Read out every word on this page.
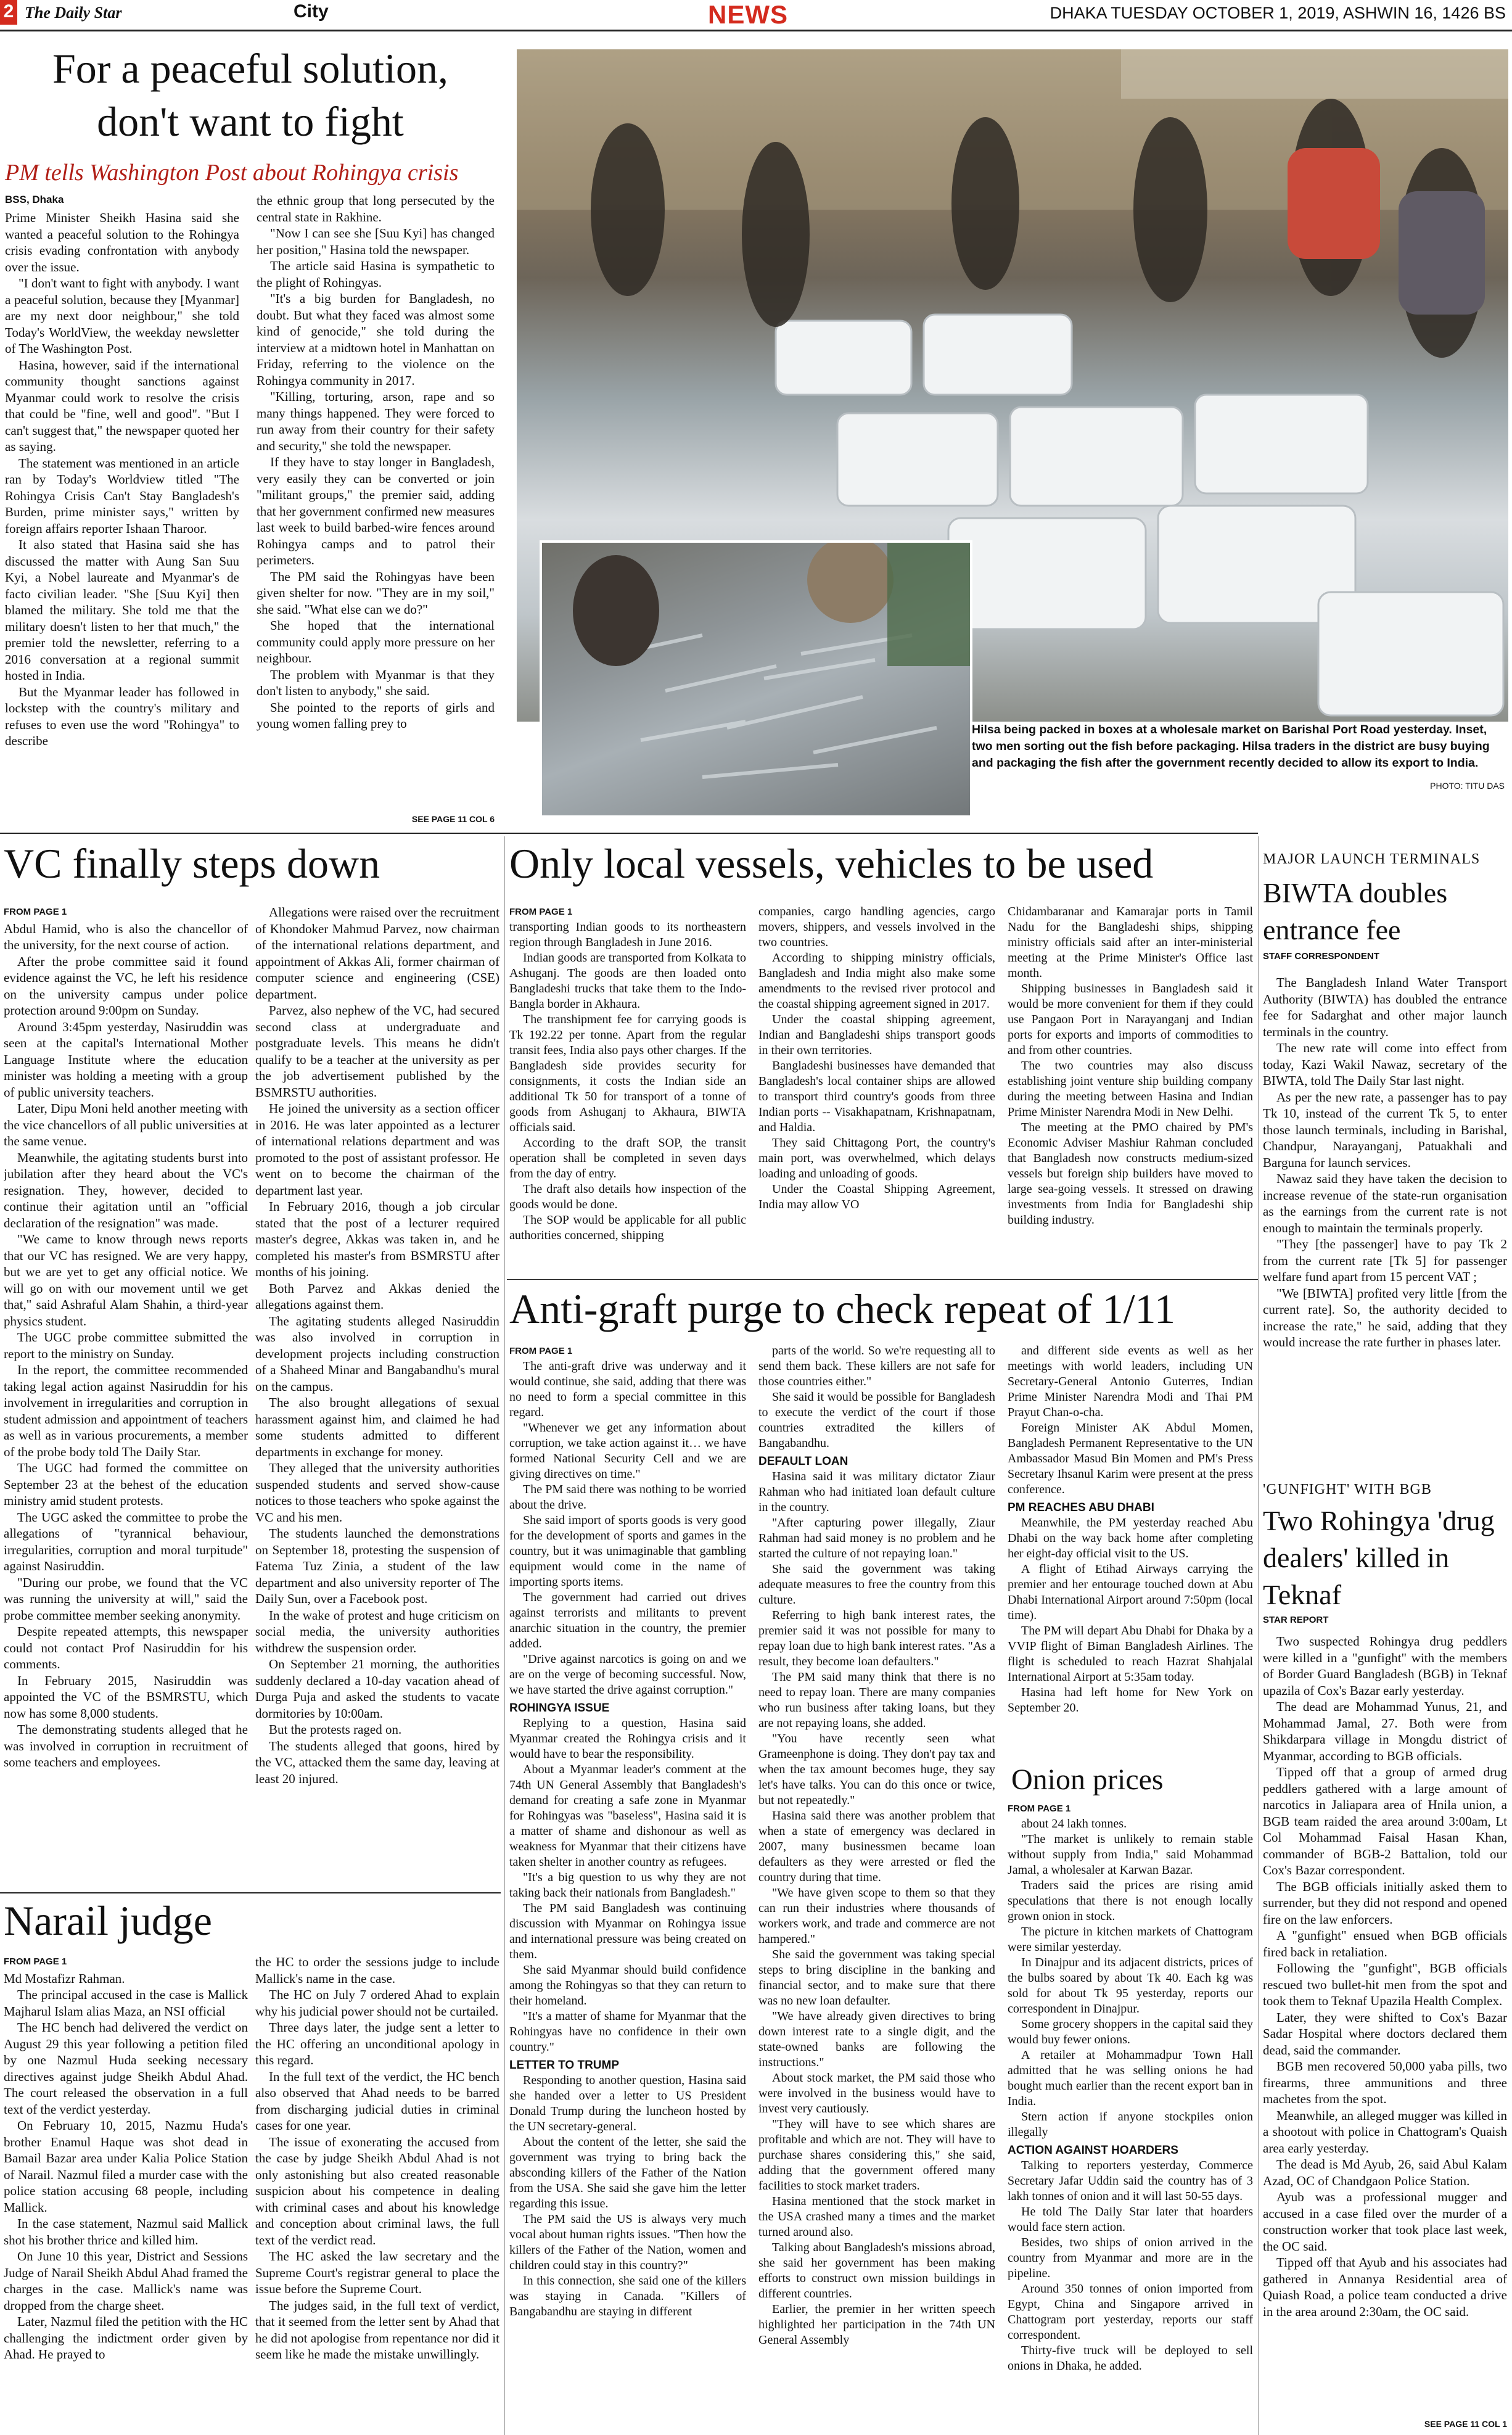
2 The Daily Star	City	NEWS	DHAKA TUESDAY OCTOBER 1, 2019, ASHWIN 16, 1426 BS
For a peaceful solution,
don't want to fight
PM tells Washington Post about Rohingya crisis
BSS, Dhaka

Prime Minister Sheikh Hasina said she wanted a peaceful solution to the Rohingya crisis evading confrontation with anybody over the issue.

"I don't want to fight with anybody. I want a peaceful solution, because they [Myanmar] are my next door neighbour," she told Today's WorldView, the weekday newsletter of The Washington Post.

Hasina, however, said if the international community thought sanctions against Myanmar could work to resolve the crisis that could be "fine, well and good". "But I can't suggest that," the newspaper quoted her as saying.

The statement was mentioned in an article ran by Today's Worldview titled "The Rohingya Crisis Can't Stay Bangladesh's Burden, prime minister says," written by foreign affairs reporter Ishaan Tharoor.

It also stated that Hasina said she has discussed the matter with Aung San Suu Kyi, a Nobel laureate and Myanmar's de facto civilian leader. "She [Suu Kyi] then blamed the military. She told me that the military doesn't listen to her that much," the premier told the newsletter, referring to a 2016 conversation at a regional summit hosted in India.

But the Myanmar leader has followed in lockstep with the country's military and refuses to even use the word "Rohingya" to describe

the ethnic group that long persecuted by the central state in Rakhine.

"Now I can see she [Suu Kyi] has changed her position," Hasina told the newspaper.

The article said Hasina is sympathetic to the plight of Rohingyas.

"It's a big burden for Bangladesh, no doubt. But what they faced was almost some kind of genocide," she told during the interview at a midtown hotel in Manhattan on Friday, referring to the violence on the Rohingya community in 2017.

"Killing, torturing, arson, rape and so many things happened. They were forced to run away from their country for their safety and security," she told the newspaper.

If they have to stay longer in Bangladesh, very easily they can be converted or join "militant groups," the premier said, adding that her government confirmed new measures last week to build barbed-wire fences around Rohingya camps and to patrol their perimeters.

The PM said the Rohingyas have been given shelter for now. "They are in my soil," she said. "What else can we do?"

She hoped that the international community could apply more pressure on her neighbour.

The problem with Myanmar is that they don't listen to anybody," she said.

She pointed to the reports of girls and young women falling prey to

SEE PAGE 11 COL 6
Hilsa being packed in boxes at a wholesale market on Barishal Port Road yesterday. Inset, two men sorting out the fish before packaging. Hilsa traders in the district are busy buying and packaging the fish after the government recently decided to allow its export to India.
PHOTO: TITU DAS
VC finally steps down

FROM PAGE 1

Abdul Hamid, who is also the chancellor of the university, for the next course of action.

After the probe committee said it found evidence against the VC, he left his residence on the university campus under police protection around 9:00pm on Sunday.

Around 3:45pm yesterday, Nasiruddin was seen at the capital's International Mother Language Institute where the education minister was holding a meeting with a group of public university teachers.

Later, Dipu Moni held another meeting with the vice chancellors of all public universities at the same venue.

Meanwhile, the agitating students burst into jubilation after they heard about the VC's resignation. They, however, decided to continue their agitation until an "official declaration of the resignation" was made.

"We came to know through news reports that our VC has resigned. We are very happy, but we are yet to get any official notice. We will go on with our movement until we get that," said Ashraful Alam Shahin, a third-year physics student.

The UGC probe committee submitted the report to the ministry on Sunday.

In the report, the committee recommended taking legal action against Nasiruddin for his involvement in irregularities and corruption in student admission and appointment of teachers as well as in various procurements, a member of the probe body told The Daily Star.

The UGC had formed the committee on September 23 at the behest of the education ministry amid student protests.

The UGC asked the committee to probe the allegations of "tyrannical behaviour, irregularities, corruption and moral turpitude" against Nasiruddin.

"During our probe, we found that the VC was running the university at will," said the probe committee member seeking anonymity.

Despite repeated attempts, this newspaper could not contact Prof Nasiruddin for his comments.

In February 2015, Nasiruddin was appointed the VC of the BSMRSTU, which now has some 8,000 students.

The demonstrating students alleged that he was involved in corruption in recruitment of some teachers and employees.

Allegations were raised over the recruitment of Khondoker Mahmud Parvez, now chairman of the international relations department, and appointment of Akkas Ali, former chairman of computer science and engineering (CSE) department.

Parvez, also nephew of the VC, had secured second class at undergraduate and postgraduate levels. This means he didn't qualify to be a teacher at the university as per the job advertisement published by the BSMRSTU authorities.

He joined the university as a section officer in 2016. He was later appointed as a lecturer of international relations department and was promoted to the post of assistant professor. He went on to become the chairman of the department last year.

In February 2016, though a job circular stated that the post of a lecturer required master's degree, Akkas was taken in, and he completed his master's from BSMRSTU after months of his joining.

Both Parvez and Akkas denied the allegations against them.

The agitating students alleged Nasiruddin was also involved in corruption in development projects including construction of a Shaheed Minar and Bangabandhu's mural on the campus.

The also brought allegations of sexual harassment against him, and claimed he had some students admitted to different departments in exchange for money.

They alleged that the university authorities suspended students and served show-cause notices to those teachers who spoke against the VC and his men.

The students launched the demonstrations on September 18, protesting the suspension of Fatema Tuz Zinia, a student of the law department and also university reporter of The Daily Sun, over a Facebook post.

In the wake of protest and huge criticism on social media, the university authorities withdrew the suspension order.

On September 21 morning, the authorities suddenly declared a 10-day vacation ahead of Durga Puja and asked the students to vacate dormitories by 10:00am.

But the protests raged on.

The students alleged that goons, hired by the VC, attacked them the same day, leaving at least 20 injured.

Narail judge

FROM PAGE 1

Md Mostafizr Rahman.

The principal accused in the case is Mallick Majharul Islam alias Maza, an NSI official

The HC bench had delivered the verdict on August 29 this year following a petition filed by one Nazmul Huda seeking necessary directives against judge Sheikh Abdul Ahad. The court released the observation in a full text of the verdict yesterday.

On February 10, 2015, Nazmu Huda's brother Enamul Haque was shot dead in Bamail Bazar area under Kalia Police Station of Narail. Nazmul filed a murder case with the police station accusing 68 people, including Mallick.

In the case statement, Nazmul said Mallick shot his brother thrice and killed him.

On June 10 this year, District and Sessions Judge of Narail Sheikh Abdul Ahad framed the charges in the case. Mallick's name was dropped from the charge sheet.

Later, Nazmul filed the petition with the HC challenging the indictment order given by Ahad. He prayed to

the HC to order the sessions judge to include Mallick's name in the case.

The HC on July 7 ordered Ahad to explain why his judicial power should not be curtailed.

Three days later, the judge sent a letter to the HC offering an unconditional apology in this regard.

In the full text of the verdict, the HC bench also observed that Ahad needs to be barred from discharging judicial duties in criminal cases for one year.

The issue of exonerating the accused from the case by judge Sheikh Abdul Ahad is not only astonishing but also created reasonable suspicion about his competence in dealing with criminal cases and about his knowledge and conception about criminal laws, the full text of the verdict read.

The HC asked the law secretary and the Supreme Court's registrar general to place the issue before the Supreme Court.

The judges said, in the full text of verdict, that it seemed from the letter sent by Ahad that he did not apologise from repentance nor did it seem like he made the mistake unwillingly.

Only local vessels, vehicles to be used

FROM PAGE 1

transporting Indian goods to its northeastern region through Bangladesh in June 2016.

Indian goods are transported from Kolkata to Ashuganj. The goods are then loaded onto Bangladeshi trucks that take them to the Indo-Bangla border in Akhaura.

The transhipment fee for carrying goods is Tk 192.22 per tonne. Apart from the regular transit fees, India also pays other charges. If the Bangladesh side provides security for consignments, it costs the Indian side an additional Tk 50 for transport of a tonne of goods from Ashuganj to Akhaura, BIWTA officials said.

According to the draft SOP, the transit operation shall be completed in seven days from the day of entry.

The draft also details how inspection of the goods would be done.

The SOP would be applicable for all public authorities concerned, shipping

companies, cargo handling agencies, cargo movers, shippers, and vessels involved in the two countries.

According to shipping ministry officials, Bangladesh and India might also make some amendments to the revised river protocol and the coastal shipping agreement signed in 2017.

Under the coastal shipping agreement, Indian and Bangladeshi ships transport goods in their own territories.

Bangladeshi businesses have demanded that Bangladesh's local container ships are allowed to transport third country's goods from three Indian ports -- Visakhapatnam, Krishnapatnam, and Haldia.

They said Chittagong Port, the country's main port, was overwhelmed, which delays loading and unloading of goods.

Under the Coastal Shipping Agreement, India may allow VO

Chidambaranar and Kamarajar ports in Tamil Nadu for the Bangladeshi ships, shipping ministry officials said after an inter-ministerial meeting at the Prime Minister's Office last month.

Shipping businesses in Bangladesh said it would be more convenient for them if they could use Pangaon Port in Narayanganj and Indian ports for exports and imports of commodities to and from other countries.

The two countries may also discuss establishing joint venture ship building company during the meeting between Hasina and Indian Prime Minister Narendra Modi in New Delhi.

The meeting at the PMO chaired by PM's Economic Adviser Mashiur Rahman concluded that Bangladesh now constructs medium-sized vessels but foreign ship builders have moved to large sea-going vessels. It stressed on drawing investments from India for Bangladeshi ship building industry.

Anti-graft purge to check repeat of 1/11

FROM PAGE 1

The anti-graft drive was underway and it would continue, she said, adding that there was no need to form a special committee in this regard.

"Whenever we get any information about corruption, we take action against it… we have formed National Security Cell and we are giving directives on time."

The PM said there was nothing to be worried about the drive.

She said import of sports goods is very good for the development of sports and games in the country, but it was unimaginable that gambling equipment would come in the name of importing sports items.

The government had carried out drives against terrorists and militants to prevent anarchic situation in the country, the premier added.

"Drive against narcotics is going on and we are on the verge of becoming successful. Now, we have started the drive against corruption."

ROHINGYA ISSUE

Replying to a question, Hasina said Myanmar created the Rohingya crisis and it would have to bear the responsibility.

About a Myanmar leader's comment at the 74th UN General Assembly that Bangladesh's demand for creating a safe zone in Myanmar for Rohingyas was "baseless", Hasina said it is a matter of shame and dishonour as well as weakness for Myanmar that their citizens have taken shelter in another country as refugees.

"It's a big question to us why they are not taking back their nationals from Bangladesh."

The PM said Bangladesh was continuing discussion with Myanmar on Rohingya issue and international pressure was being created on them.

She said Myanmar should build confidence among the Rohingyas so that they can return to their homeland.

"It's a matter of shame for Myanmar that the Rohingyas have no confidence in their own country."

LETTER TO TRUMP

Responding to another question, Hasina said she handed over a letter to US President Donald Trump during the luncheon hosted by the UN secretary-general.

About the content of the letter, she said the government was trying to bring back the absconding killers of the Father of the Nation from the USA. She said she gave him the letter regarding this issue.

The PM said the US is always very much vocal about human rights issues. "Then how the killers of the Father of the Nation, women and children could stay in this country?"

In this connection, she said one of the killers was staying in Canada. "Killers of Bangabandhu are staying in different

parts of the world. So we're requesting all to send them back. These killers are not safe for those countries either."

She said it would be possible for Bangladesh to execute the verdict of the court if those countries extradited the killers of Bangabandhu.

DEFAULT LOAN

Hasina said it was military dictator Ziaur Rahman who had initiated loan default culture in the country.

"After capturing power illegally, Ziaur Rahman had said money is no problem and he started the culture of not repaying loan."

She said the government was taking adequate measures to free the country from this culture.

Referring to high bank interest rates, the premier said it was not possible for many to repay loan due to high bank interest rates. "As a result, they become loan defaulters."

The PM said many think that there is no need to repay loan. There are many companies who run business after taking loans, but they are not repaying loans, she added.

"You have recently seen what Grameenphone is doing. They don't pay tax and when the tax amount becomes huge, they say let's have talks. You can do this once or twice, but not repeatedly."

Hasina said there was another problem that when a state of emergency was declared in 2007, many businessmen became loan defaulters as they were arrested or fled the country during that time.

"We have given scope to them so that they can run their industries where thousands of workers work, and trade and commerce are not hampered."

She said the government was taking special steps to bring discipline in the banking and financial sector, and to make sure that there was no new loan defaulter.

"We have already given directives to bring down interest rate to a single digit, and the state-owned banks are following the instructions."

About stock market, the PM said those who were involved in the business would have to invest very cautiously.

"They will have to see which shares are profitable and which are not. They will have to purchase shares considering this," she said, adding that the government offered many facilities to stock market traders.

Hasina mentioned that the stock market in the USA crashed many a times and the market turned around also.

Talking about Bangladesh's missions abroad, she said her government has been making efforts to construct own mission buildings in different countries.

Earlier, the premier in her written speech highlighted her participation in the 74th UN General Assembly

and different side events as well as her meetings with world leaders, including UN Secretary-General Antonio Guterres, Indian Prime Minister Narendra Modi and Thai PM Prayut Chan-o-cha.

Foreign Minister AK Abdul Momen, Bangladesh Permanent Representative to the UN Ambassador Masud Bin Momen and PM's Press Secretary Ihsanul Karim were present at the press conference.

PM REACHES ABU DHABI

Meanwhile, the PM yesterday reached Abu Dhabi on the way back home after completing her eight-day official visit to the US.

A flight of Etihad Airways carrying the premier and her entourage touched down at Abu Dhabi International Airport around 7:50pm (local time).

The PM will depart Abu Dhabi for Dhaka by a VVIP flight of Biman Bangladesh Airlines. The flight is scheduled to reach Hazrat Shahjalal International Airport at 5:35am today.

Hasina had left home for New York on September 20.

Onion prices

FROM PAGE 1

about 24 lakh tonnes.

"The market is unlikely to remain stable without supply from India," said Mohammad Jamal, a wholesaler at Karwan Bazar.

Traders said the prices are rising amid speculations that there is not enough locally grown onion in stock.

The picture in kitchen markets of Chattogram were similar yesterday.

In Dinajpur and its adjacent districts, prices of the bulbs soared by about Tk 40. Each kg was sold for about Tk 95 yesterday, reports our correspondent in Dinajpur.

Some grocery shoppers in the capital said they would buy fewer onions.

A retailer at Mohammadpur Town Hall admitted that he was selling onions he had bought much earlier than the recent export ban in India.

Stern action if anyone stockpiles onion illegally

ACTION AGAINST HOARDERS

Talking to reporters yesterday, Commerce Secretary Jafar Uddin said the country has of 3 lakh tonnes of onion and it will last 50-55 days.

He told The Daily Star later that hoarders would face stern action.

Besides, two ships of onion arrived in the country from Myanmar and more are in the pipeline.

Around 350 tonnes of onion imported from Egypt, China and Singapore arrived in Chattogram port yesterday, reports our staff correspondent.

Thirty-five truck will be deployed to sell onions in Dhaka, he added.

MAJOR LAUNCH TERMINALS
BIWTA doubles entrance fee
STAFF CORRESPONDENT

The Bangladesh Inland Water Transport Authority (BIWTA) has doubled the entrance fee for Sadarghat and other major launch terminals in the country.

The new rate will come into effect from today, Kazi Wakil Nawaz, secretary of the BIWTA, told The Daily Star last night.

As per the new rate, a passenger has to pay Tk 10, instead of the current Tk 5, to enter those launch terminals, including in Barishal, Chandpur, Narayanganj, Patuakhali and Barguna for launch services.

Nawaz said they have taken the decision to increase revenue of the state-run organisation as the earnings from the current rate is not enough to maintain the terminals properly.

"They [the passenger] have to pay Tk 2 from the current rate [Tk 5] for passenger welfare fund apart from 15 percent VAT ;

"We [BIWTA] profited very little [from the current rate]. So, the authority decided to increase the rate," he said, adding that they would increase the rate further in phases later.

'GUNFIGHT' WITH BGB
Two Rohingya 'drug dealers' killed in Teknaf
STAR REPORT

Two suspected Rohingya drug peddlers were killed in a "gunfight" with the members of Border Guard Bangladesh (BGB) in Teknaf upazila of Cox's Bazar early yesterday.

The dead are Mohammad Yunus, 21, and Mohammad Jamal, 27. Both were from Shikdarpara village in Mongdu district of Myanmar, according to BGB officials.

Tipped off that a group of armed drug peddlers gathered with a large amount of narcotics in Jaliapara area of Hnila union, a BGB team raided the area around 3:00am, Lt Col Mohammad Faisal Hasan Khan, commander of BGB-2 Battalion, told our Cox's Bazar correspondent.

The BGB officials initially asked them to surrender, but they did not respond and opened fire on the law enforcers.

A "gunfight" ensued when BGB officials fired back in retaliation.

Following the "gunfight", BGB officials rescued two bullet-hit men from the spot and took them to Teknaf Upazila Health Complex.

Later, they were shifted to Cox's Bazar Sadar Hospital where doctors declared them dead, said the commander.

BGB men recovered 50,000 yaba pills, two firearms, three ammunitions and three machetes from the spot.

Meanwhile, an alleged mugger was killed in a shootout with police in Chattogram's Quaish area early yesterday.

The dead is Md Ayub, 26, said Abul Kalam Azad, OC of Chandgaon Police Station.

Ayub was a professional mugger and accused in a case filed over the murder of a construction worker that took place last week, the OC said.

Tipped off that Ayub and his associates had gathered in Annanya Residential area of Quiash Road, a police team conducted a drive in the area around 2:30am, the OC said.

SEE PAGE 11 COL 1
